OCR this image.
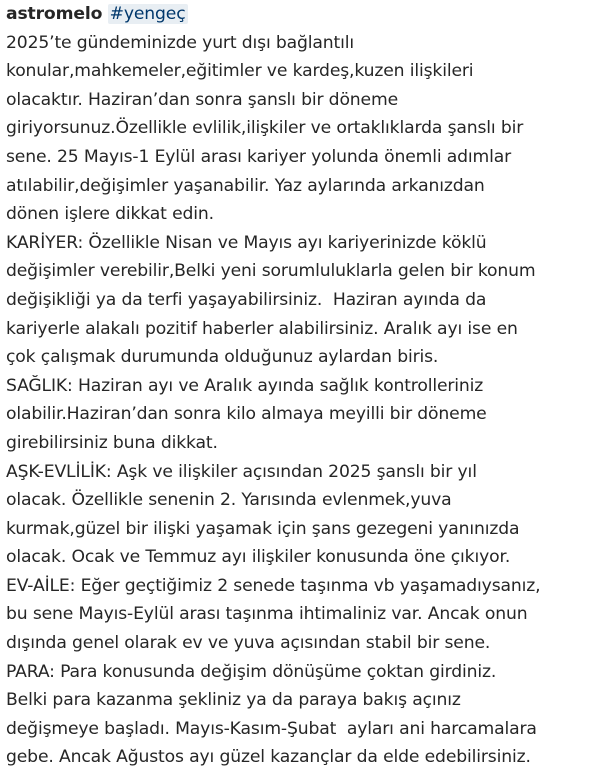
astromelo #yengeç
2025’te gündeminizde yurt dışı bağlantılı
konular,mahkemeler,eğitimler ve kardeş,kuzen ilişkileri
olacaktır. Haziran’dan sonra şanslı bir döneme
giriyorsunuz.Özellikle evlilik,ilişkiler ve ortaklıklarda şanslı bir
sene. 25 Mayıs-1 Eylül arası kariyer yolunda önemli adımlar
atılabilir,değişimler yaşanabilir. Yaz aylarında arkanızdan
dönen işlere dikkat edin.
KARİYER: Özellikle Nisan ve Mayıs ayı kariyerinizde köklü
değişimler verebilir,Belki yeni sorumluluklarla gelen bir konum
değişikliği ya da terfi yaşayabilirsiniz.  Haziran ayında da
kariyerle alakalı pozitif haberler alabilirsiniz. Aralık ayı ise en
çok çalışmak durumunda olduğunuz aylardan biris.
SAĞLIK: Haziran ayı ve Aralık ayında sağlık kontrolleriniz
olabilir.Haziran’dan sonra kilo almaya meyilli bir döneme
girebilirsiniz buna dikkat.
AŞK-EVLİLİK: Aşk ve ilişkiler açısından 2025 şanslı bir yıl
olacak. Özellikle senenin 2. Yarısında evlenmek,yuva
kurmak,güzel bir ilişki yaşamak için şans gezegeni yanınızda
olacak. Ocak ve Temmuz ayı ilişkiler konusunda öne çıkıyor.
EV-AİLE: Eğer geçtiğimiz 2 senede taşınma vb yaşamadıysanız,
bu sene Mayıs-Eylül arası taşınma ihtimaliniz var. Ancak onun
dışında genel olarak ev ve yuva açısından stabil bir sene.
PARA: Para konusunda değişim dönüşüme çoktan girdiniz.
Belki para kazanma şekliniz ya da paraya bakış açınız
değişmeye başladı. Mayıs-Kasım-Şubat  ayları ani harcamalara
gebe. Ancak Ağustos ayı güzel kazançlar da elde edebilirsiniz.
